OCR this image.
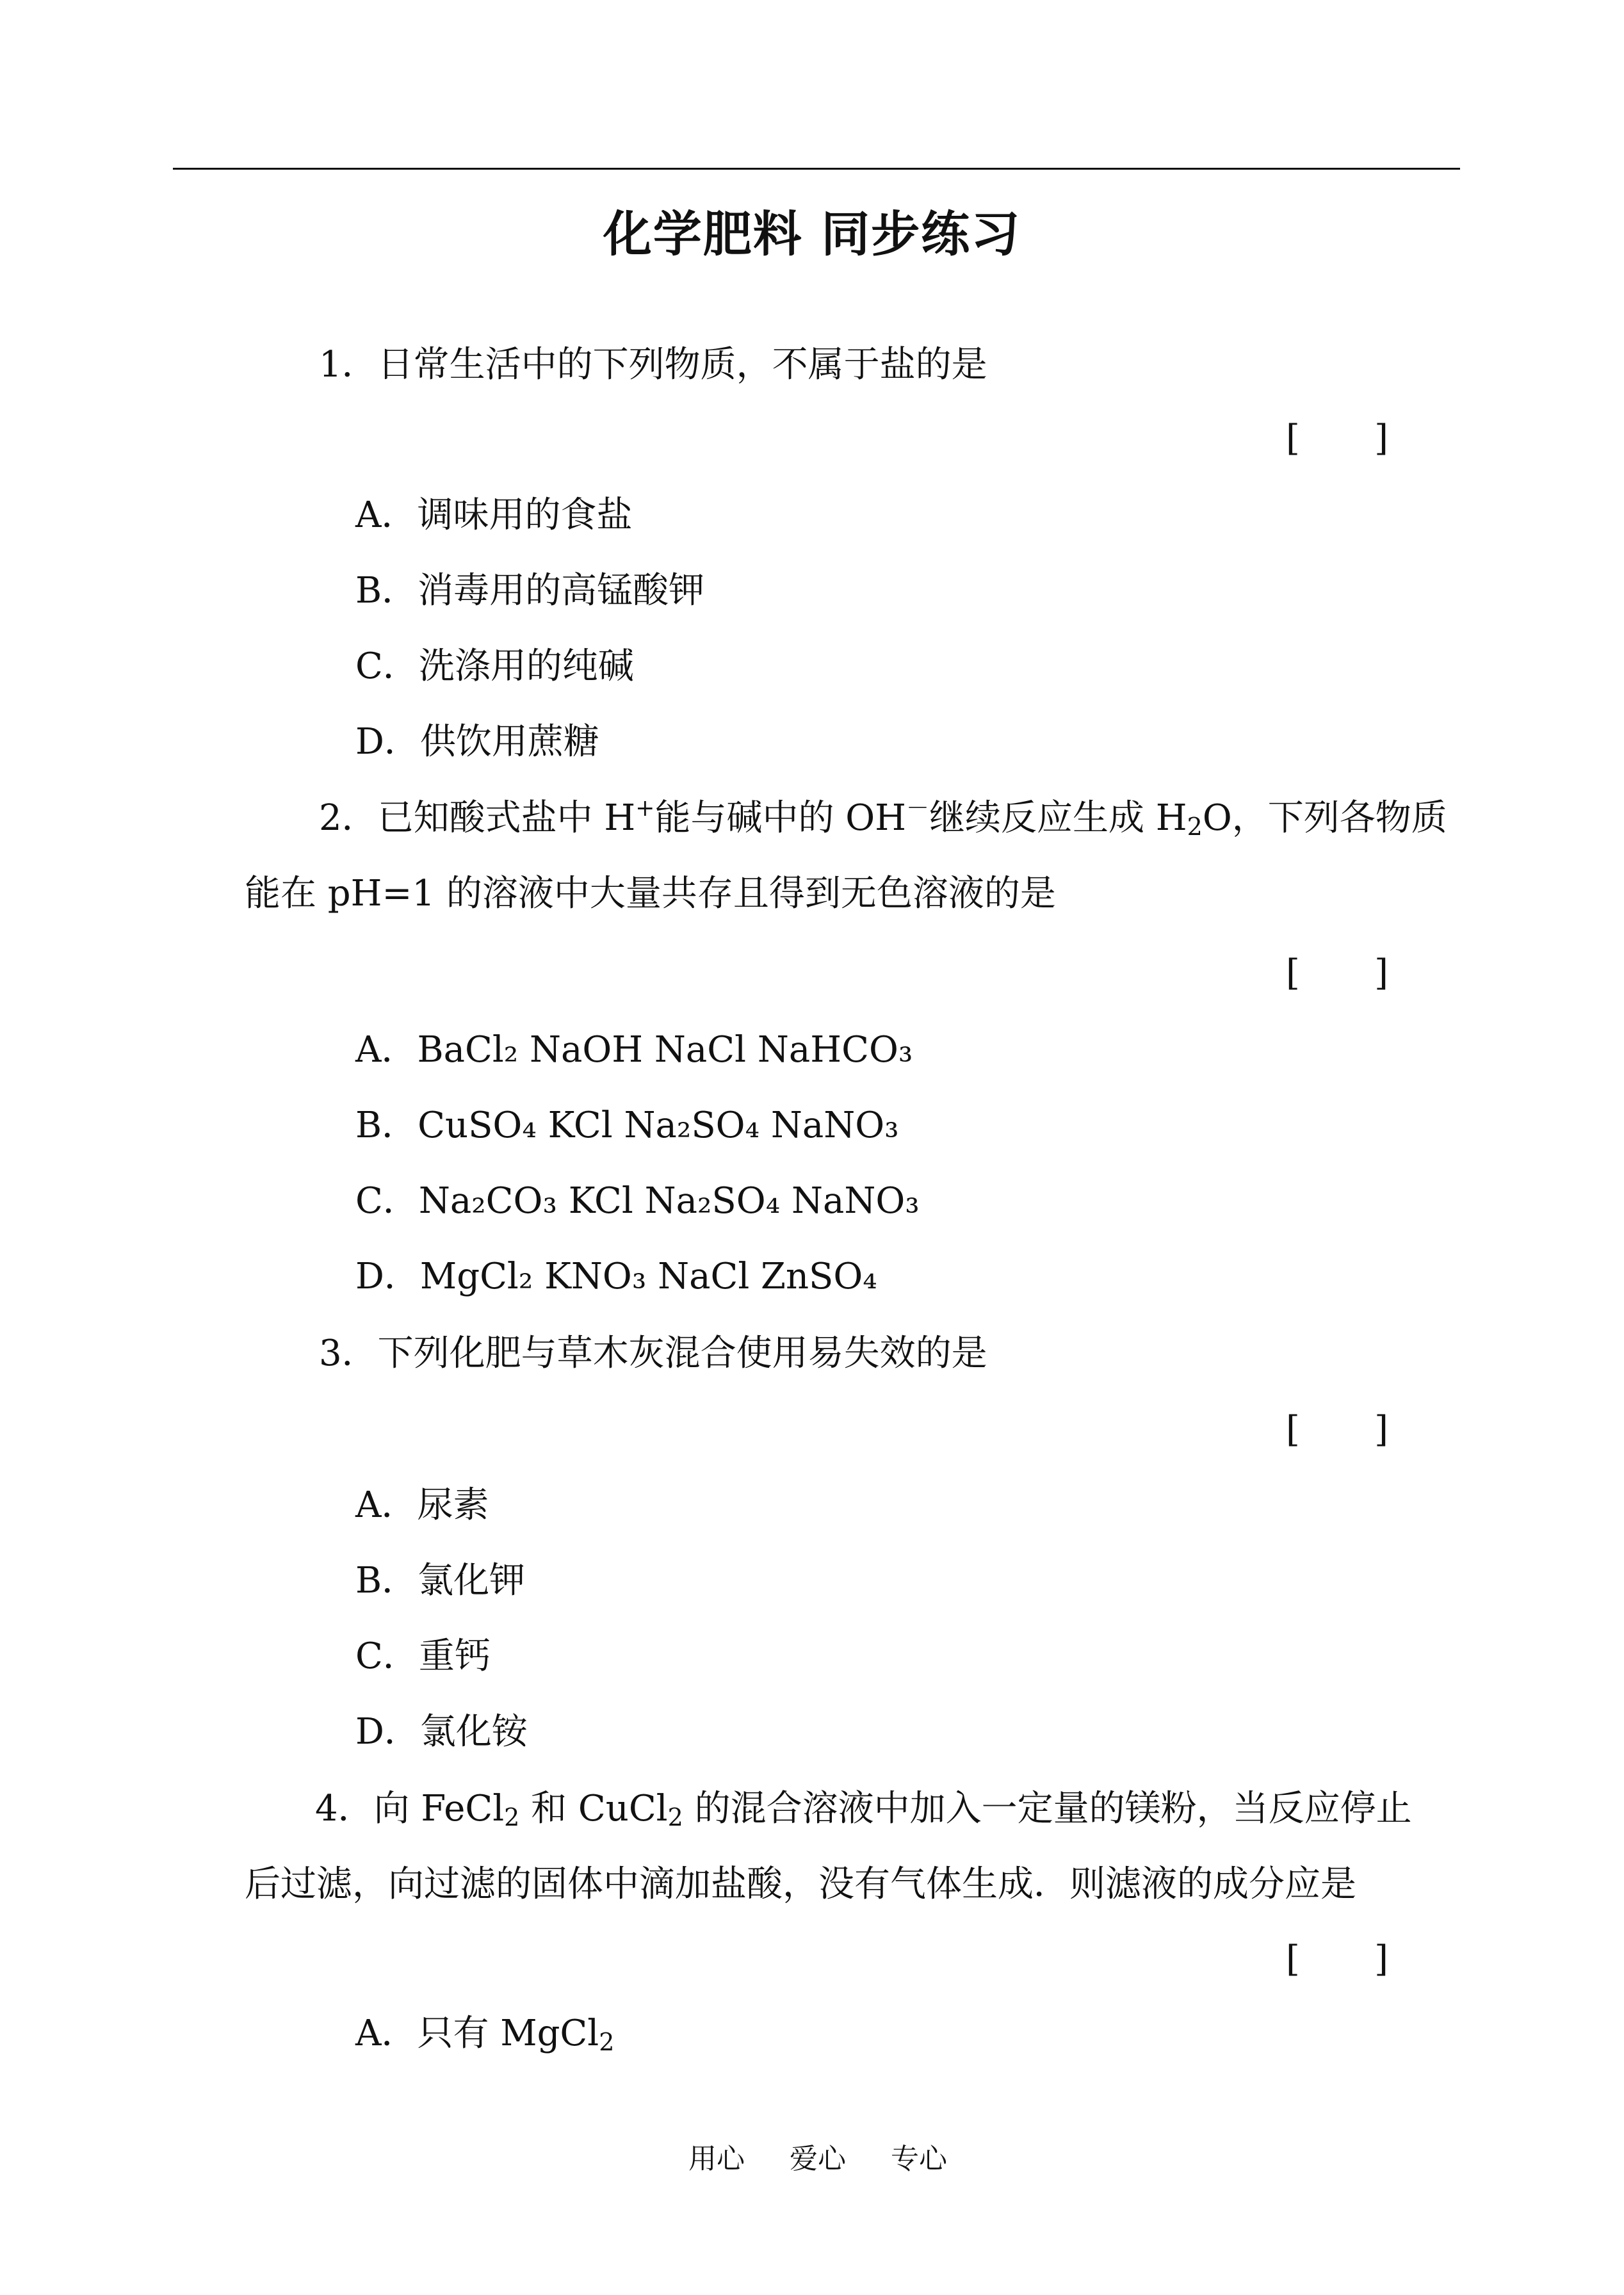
化学肥料 同步练习
1．日常生活中的下列物质，不属于盐的是
[ ]
A．调味用的食盐
B．消毒用的高锰酸钾
C．洗涤用的纯碱
D．供饮用蔗糖
2．已知酸式盐中 H+能与碱中的 OH－继续反应生成 $H_2O$，下列各物质
能在 pH=1 的溶液中大量共存且得到无色溶液的是
[ ]
A．BaCl₂ NaOH NaCl NaHCO₃
B．CuSO₄ KCl Na₂SO₄ NaNO₃
C．Na₂CO₃ KCl Na₂SO₄ NaNO₃
D．MgCl₂ KNO₃ NaCl ZnSO₄
3．下列化肥与草木灰混合使用易失效的是
[ ]
A．尿素
B．氯化钾
C．重钙
D．氯化铵
4．向 FeCl$_2$ 和 CuCl$_2$ 的混合溶液中加入一定量的镁粉，当反应停止
后过滤，向过滤的固体中滴加盐酸，没有气体生成．则滤液的成分应是
[ ]
A．只有 MgCl$_2$
用心 爱心 专心
